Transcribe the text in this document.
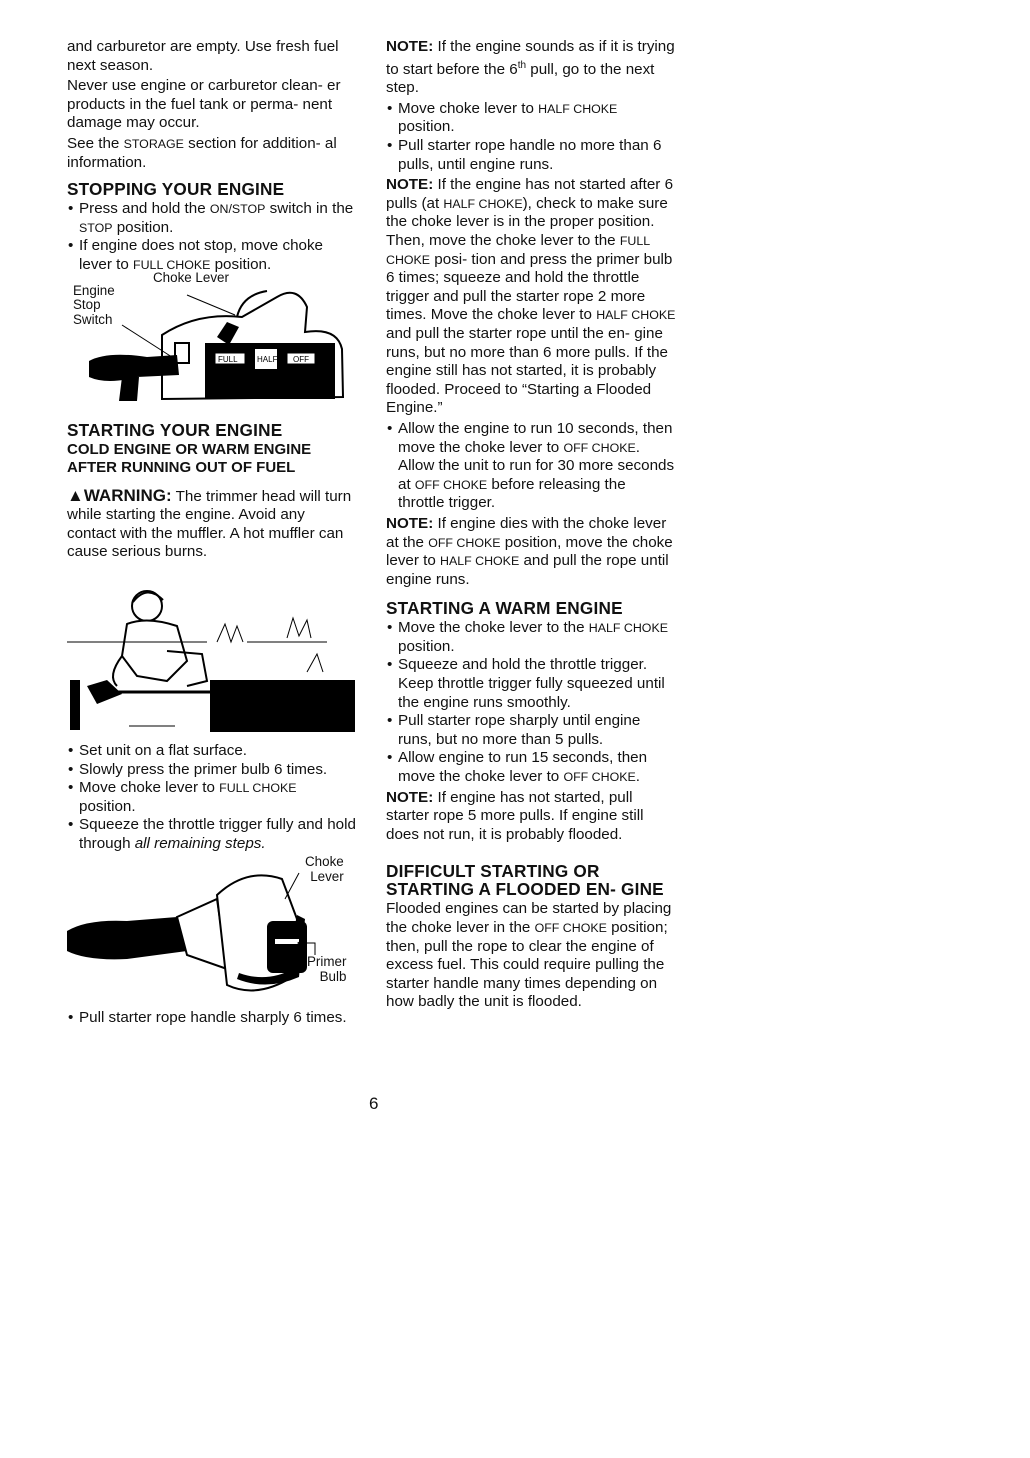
and carburetor are empty. Use fresh fuel next season.

Never use engine or carburetor clean- er products in the fuel tank or perma- nent damage may occur.

See the STORAGE section for addition- al information.

STOPPING YOUR ENGINE
• Press and hold the ON/STOP switch in the STOP position.
• If engine does not stop, move choke lever to FULL CHOKE position.
FULL HALF OFF
Choke Lever
Engine
Stop
Switch
STARTING YOUR ENGINE
COLD ENGINE OR WARM ENGINE AFTER RUNNING OUT OF FUEL

▲WARNING: The trimmer head will turn while starting the engine. Avoid any contact with the muffler. A hot muffler can cause serious burns.

• Set unit on a flat surface.
• Slowly press the primer bulb 6 times.
• Move choke lever to FULL CHOKE position.
• Squeeze the throttle trigger fully and hold through all remaining steps.
Choke
Lever
Primer
Bulb
• Pull starter rope handle sharply 6 times.

NOTE: If the engine sounds as if it is trying to start before the 6th pull, go to the next step.

• Move choke lever to HALF CHOKE position.
• Pull starter rope handle no more than 6 pulls, until engine runs.

NOTE: If the engine has not started after 6 pulls (at HALF CHOKE), check to make sure the choke lever is in the proper position. Then, move the choke lever to the FULL CHOKE posi- tion and press the primer bulb 6 times; squeeze and hold the throttle trigger and pull the starter rope 2 more times. Move the choke lever to HALF CHOKE and pull the starter rope until the en- gine runs, but no more than 6 more pulls. If the engine still has not started, it is probably flooded. Proceed to “Starting a Flooded Engine.”

• Allow the engine to run 10 seconds, then move the choke lever to OFF CHOKE. Allow the unit to run for 30 more seconds at OFF CHOKE before releasing the throttle trigger.

NOTE: If engine dies with the choke lever at the OFF CHOKE position, move the choke lever to HALF CHOKE and pull the rope until engine runs.

STARTING A WARM ENGINE
• Move the choke lever to the HALF CHOKE position.
• Squeeze and hold the throttle trigger. Keep throttle trigger fully squeezed until the engine runs smoothly.
• Pull starter rope sharply until engine runs, but no more than 5 pulls.
• Allow engine to run 15 seconds, then move the choke lever to OFF CHOKE.

NOTE: If engine has not started, pull starter rope 5 more pulls. If engine still does not run, it is probably flooded.

DIFFICULT STARTING OR STARTING A FLOODED EN- GINE

Flooded engines can be started by placing the choke lever in the OFF CHOKE position; then, pull the rope to clear the engine of excess fuel. This could require pulling the starter handle many times depending on how badly the unit is flooded.

6
